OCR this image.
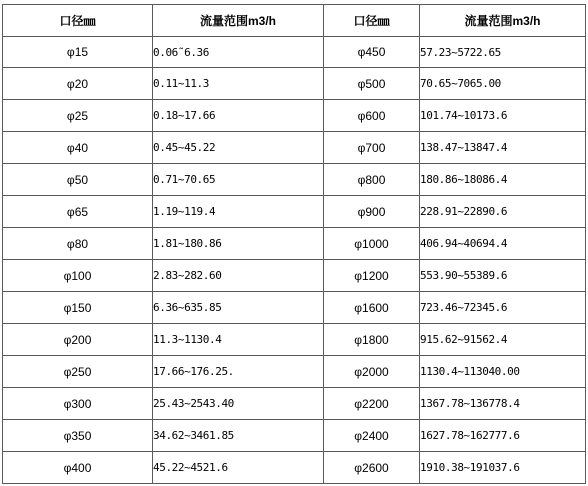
口径㎜	流量范围m3/h	口径㎜	流量范围m3/h
φ15	0.06˜6.36	φ450	57.23~5722.65
φ20	0.11~11.3	φ500	70.65~7065.00
φ25	0.18~17.66	φ600	101.74~10173.6
φ40	0.45~45.22	φ700	138.47~13847.4
φ50	0.71~70.65	φ800	180.86~18086.4
φ65	1.19~119.4	φ900	228.91~22890.6
φ80	1.81~180.86	φ1000	406.94~40694.4
φ100	2.83~282.60	φ1200	553.90~55389.6
φ150	6.36~635.85	φ1600	723.46~72345.6
φ200	11.3~1130.4	φ1800	915.62~91562.4
φ250	17.66~176.25.	φ2000	1130.4~113040.00
φ300	25.43~2543.40	φ2200	1367.78~136778.4
φ350	34.62~3461.85	φ2400	1627.78~162777.6
φ400	45.22~4521.6	φ2600	1910.38~191037.6
